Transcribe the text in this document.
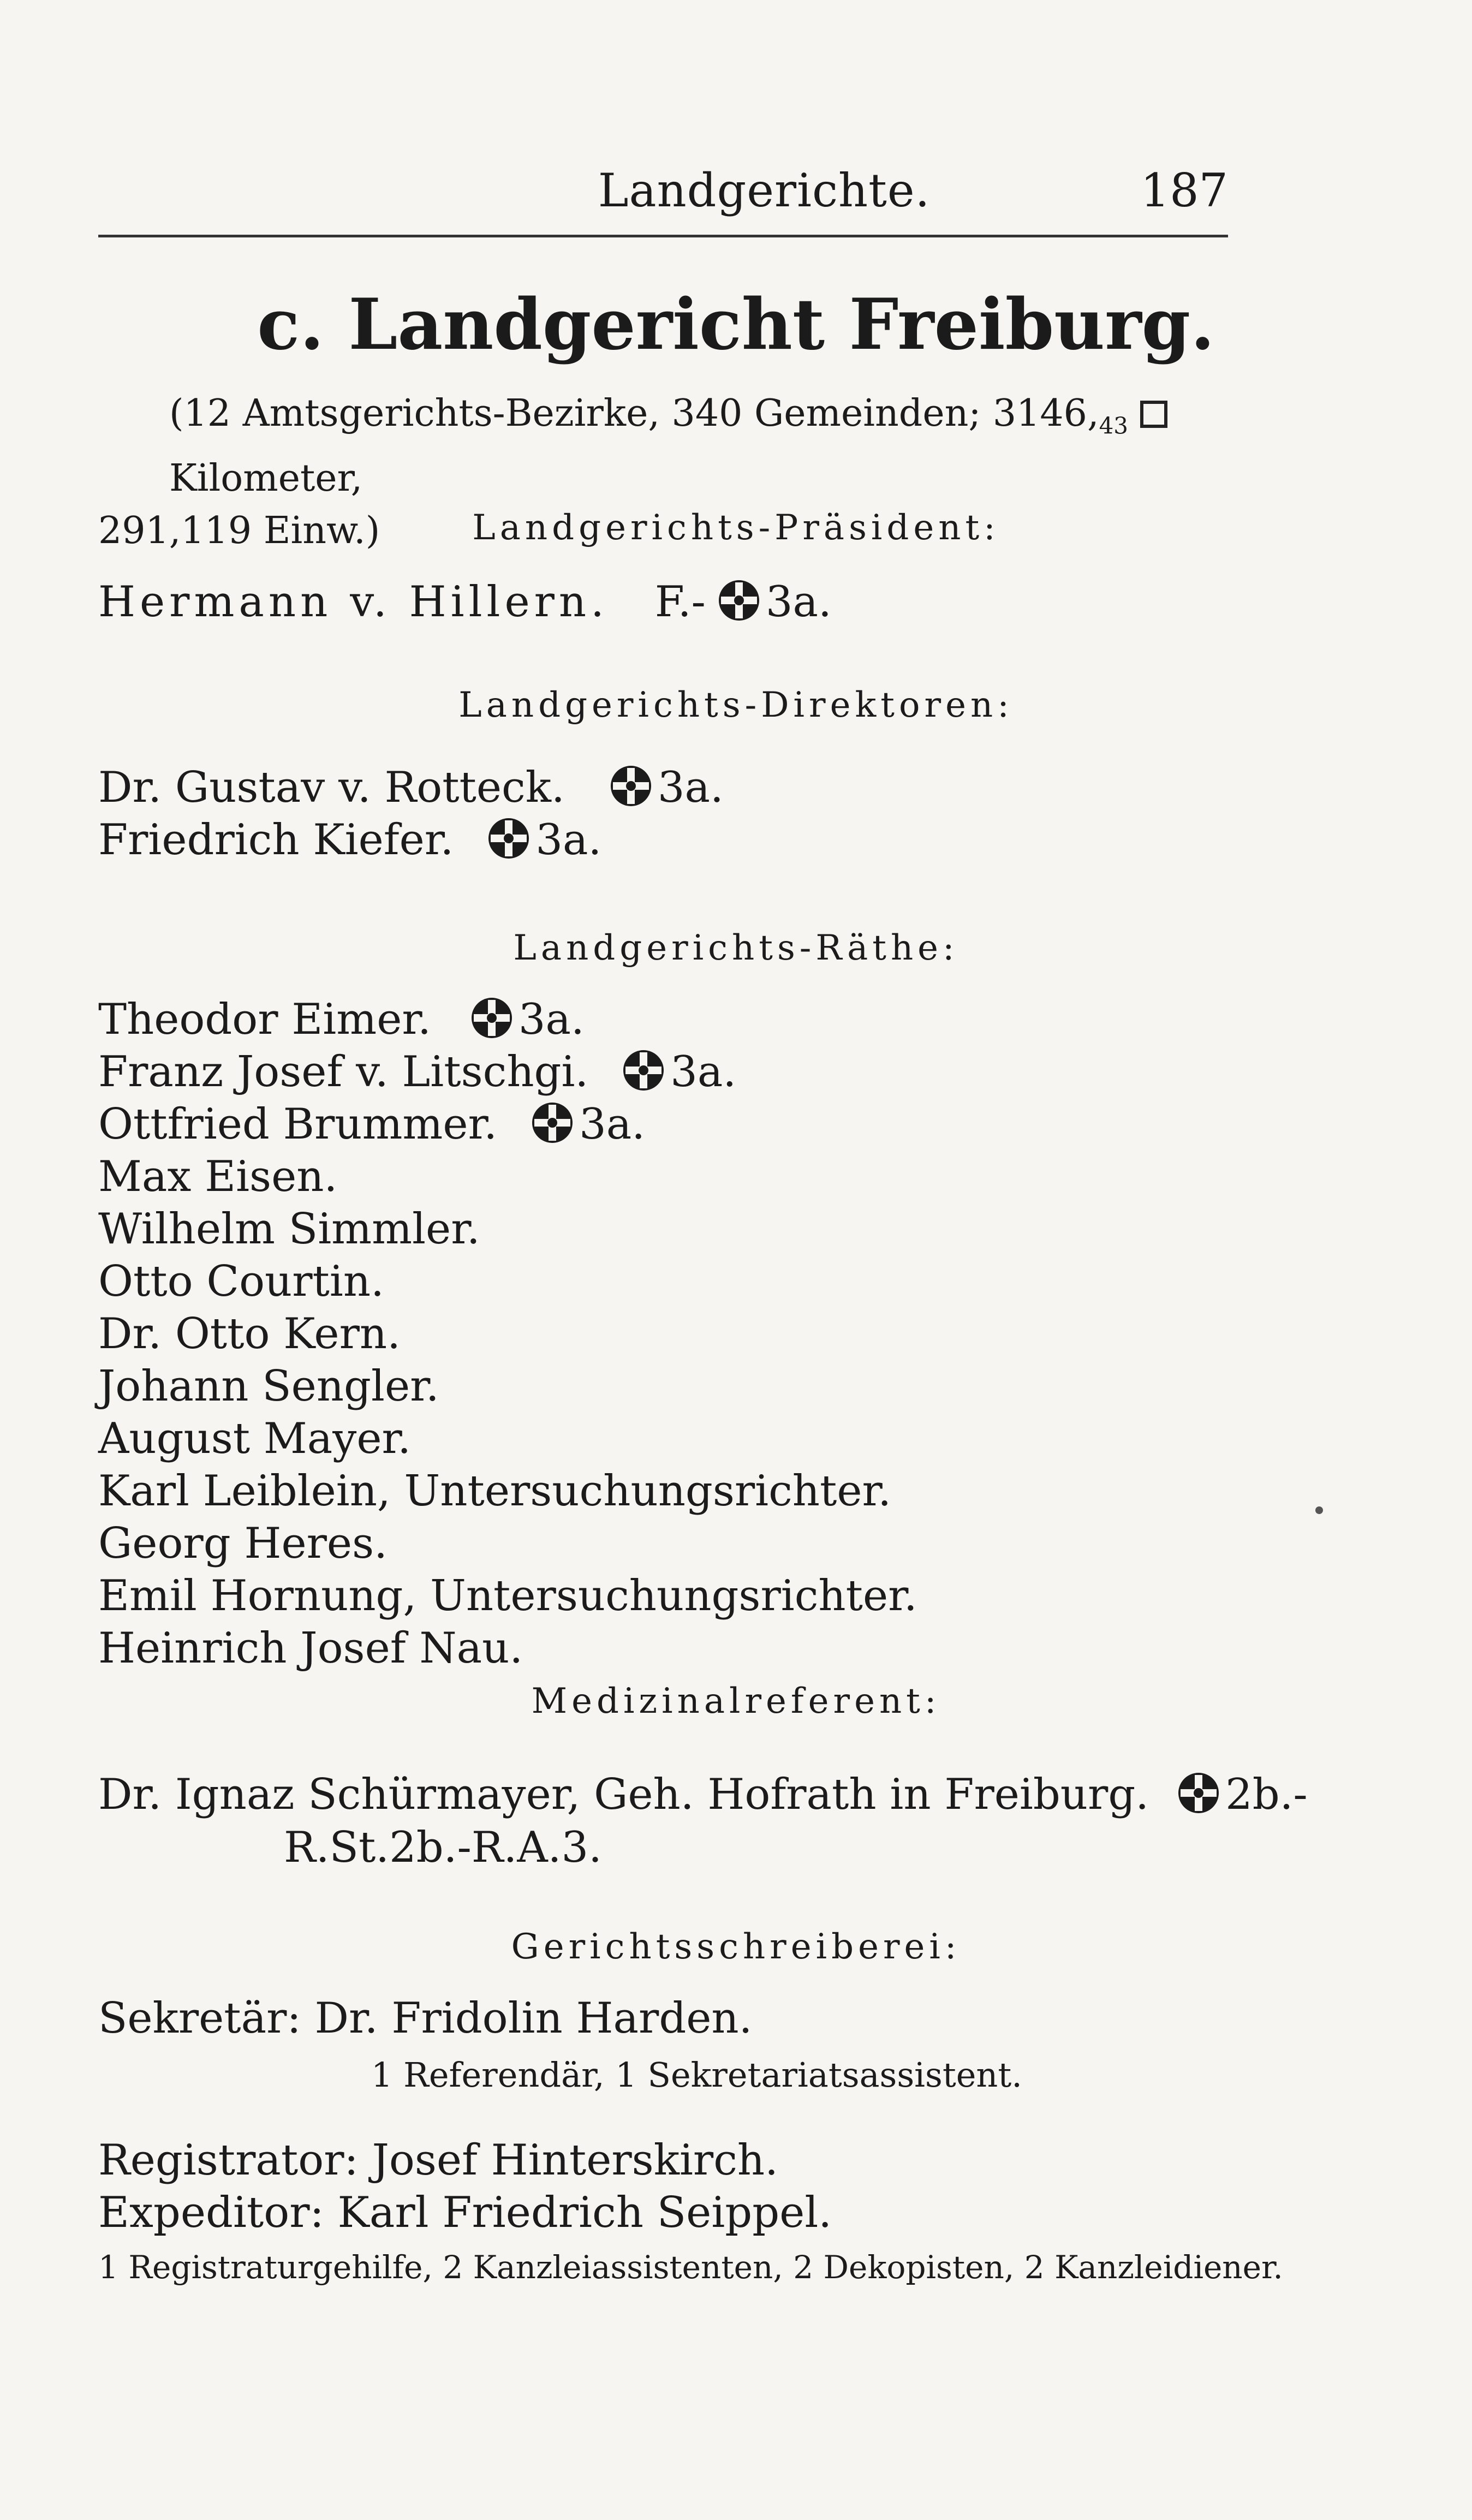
Landgerichte.	187
c. Landgericht Freiburg.
(12 Amtsgerichts-Bezirke, 340 Gemeinden; $3146,_{43}$ Kilometer,
291,119 Einw.)	Landgerichts-Präsident:
Hermann v. Hillern. F.- 3a.
Landgerichts-Direktoren:
Dr. Gustav v. Rotteck. 3a.
Friedrich Kiefer. 3a.
Landgerichts-Räthe:
Theodor Eimer. 3a.
Franz Josef v. Litschgi. 3a.
Ottfried Brummer. 3a.
Max Eisen.
Wilhelm Simmler.
Otto Courtin.
Dr. Otto Kern.
Johann Sengler.
August Mayer.
Karl Leiblein, Untersuchungsrichter.
Georg Heres.
Emil Hornung, Untersuchungsrichter.
Heinrich Josef Nau.
Medizinalreferent:
Dr. Ignaz Schürmayer, Geh. Hofrath in Freiburg. 2b.-
R.St.2b.-R.A.3.
Gerichtsschreiberei:
Sekretär: Dr. Fridolin Harden.
1 Referendär, 1 Sekretariatsassistent.
Registrator: Josef Hinterskirch.
Expeditor: Karl Friedrich Seippel.
1 Registraturgehilfe, 2 Kanzleiassistenten, 2 Dekopisten, 2 Kanzleidiener.
